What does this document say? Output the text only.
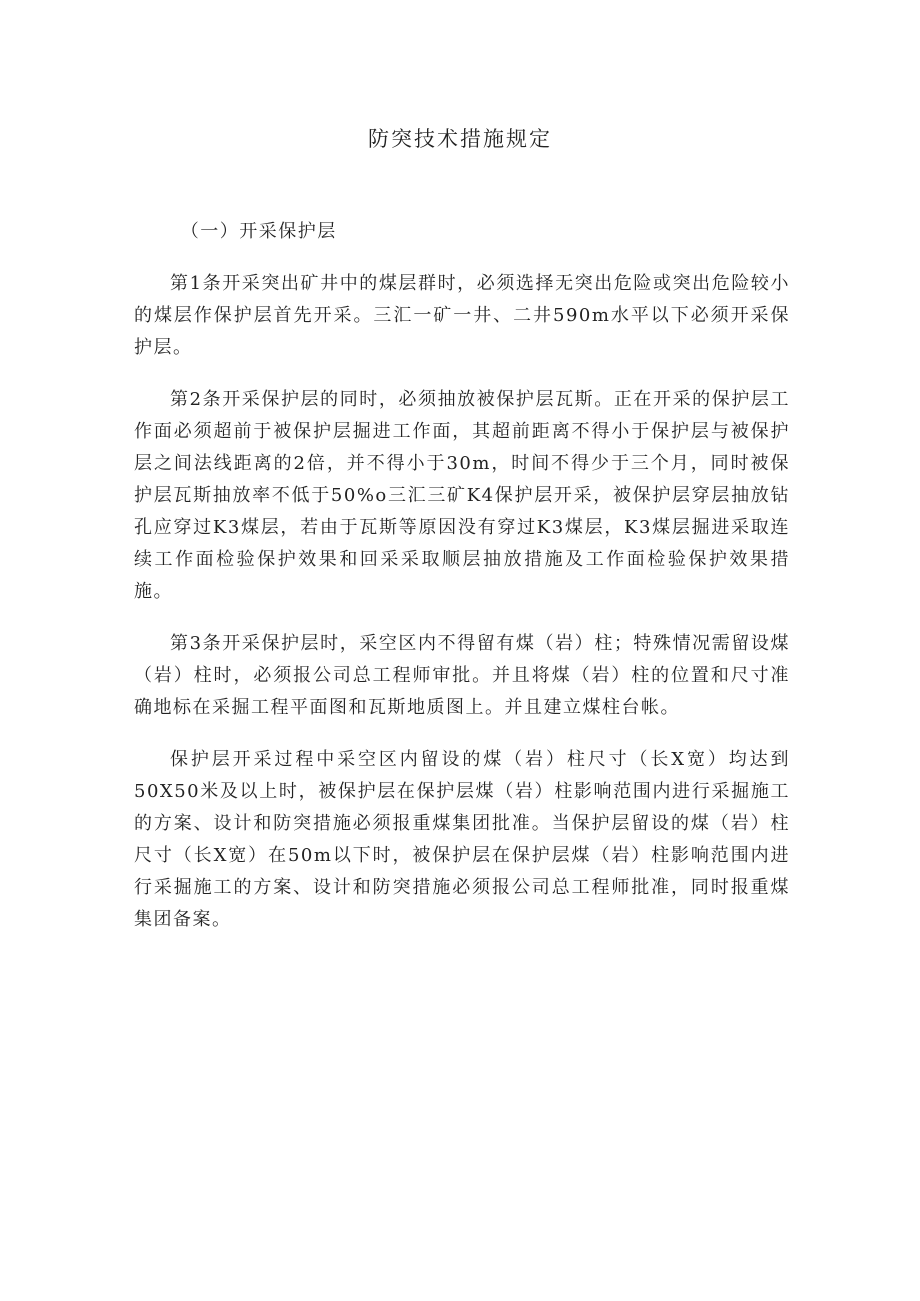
防突技术措施规定

（一）开采保护层

第1条开采突出矿井中的煤层群时，必须选择无突出危险或突出危险较小的煤层作保护层首先开采。三汇一矿一井、二井590m水平以下必须开采保护层。

第2条开采保护层的同时，必须抽放被保护层瓦斯。正在开采的保护层工作面必须超前于被保护层掘进工作面，其超前距离不得小于保护层与被保护层之间法线距离的2倍，并不得小于30m，时间不得少于三个月，同时被保护层瓦斯抽放率不低于50%o三汇三矿K4保护层开采，被保护层穿层抽放钻孔应穿过K3煤层，若由于瓦斯等原因没有穿过K3煤层，K3煤层掘进采取连续工作面检验保护效果和回采采取顺层抽放措施及工作面检验保护效果措施。

第3条开采保护层时，采空区内不得留有煤（岩）柱；特殊情况需留设煤（岩）柱时，必须报公司总工程师审批。并且将煤（岩）柱的位置和尺寸准确地标在采掘工程平面图和瓦斯地质图上。并且建立煤柱台帐。

保护层开采过程中采空区内留设的煤（岩）柱尺寸（长X宽）均达到50X50米及以上时，被保护层在保护层煤（岩）柱影响范围内进行采掘施工的方案、设计和防突措施必须报重煤集团批准。当保护层留设的煤（岩）柱尺寸（长X宽）在50m以下时，被保护层在保护层煤（岩）柱影响范围内进行采掘施工的方案、设计和防突措施必须报公司总工程师批准，同时报重煤集团备案。
